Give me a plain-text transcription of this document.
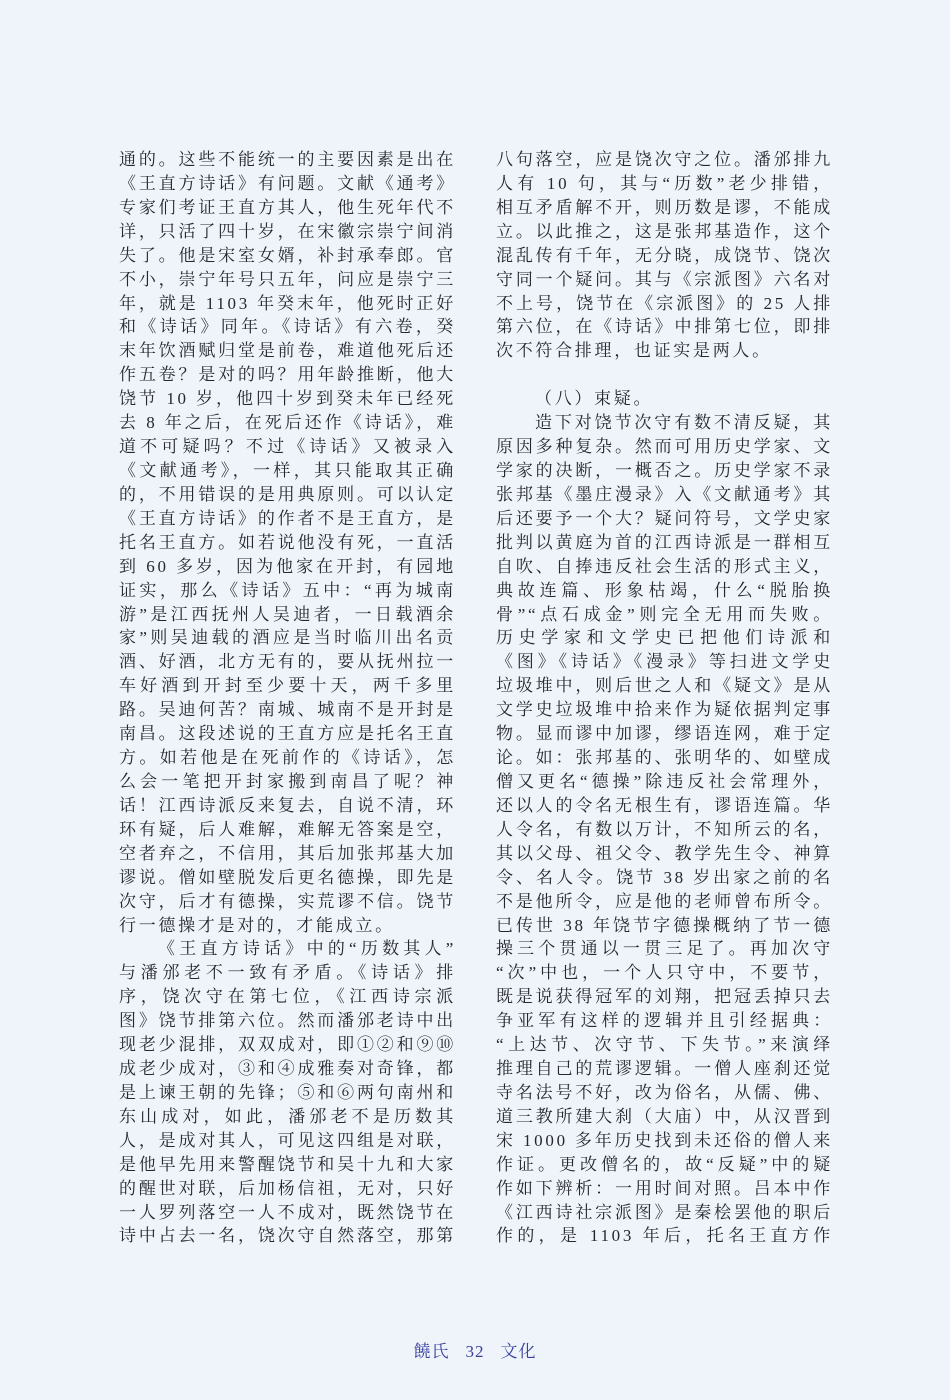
通的。这些不能统一的主要因素是出在
《王直方诗话》有问题。文献《通考》
专家们考证王直方其人，他生死年代不
详，只活了四十岁，在宋徽宗崇宁间消
失了。他是宋室女婿，补封承奉郎。官
不小，崇宁年号只五年，问应是崇宁三
年，就是 1103 年癸末年，他死时正好
和《诗话》同年。《诗话》有六卷，癸
末年饮酒赋归堂是前卷，难道他死后还
作五卷？是对的吗？用年龄推断，他大
饶节 10 岁，他四十岁到癸未年已经死
去 8 年之后，在死后还作《诗话》，难
道不可疑吗？不过《诗话》又被录入
《文献通考》，一样，其只能取其正确
的，不用错误的是用典原则。可以认定
《王直方诗话》的作者不是王直方，是
托名王直方。如若说他没有死，一直活
到 60 多岁，因为他家在开封，有园地
证实，那么《诗话》五中：“再为城南
游”是江西抚州人吴迪者，一日载酒余
家”则吴迪载的酒应是当时临川出名贡
酒、好酒，北方无有的，要从抚州拉一
车好酒到开封至少要十天，两千多里
路。吴迪何苦？南城、城南不是开封是
南昌。这段述说的王直方应是托名王直
方。如若他是在死前作的《诗话》，怎
么会一笔把开封家搬到南昌了呢？神
话！江西诗派反来复去，自说不清，环
环有疑，后人难解，难解无答案是空，
空者弃之，不信用，其后加张邦基大加
谬说。僧如壁脱发后更名德操，即先是
次守，后才有德操，实荒谬不信。饶节
行一德操才是对的，才能成立。
《王直方诗话》中的“历数其人”
与潘邠老不一致有矛盾。《诗话》排
序，饶次守在第七位，《江西诗宗派
图》饶节排第六位。然而潘邠老诗中出
现老少混排，双双成对，即①②和⑨⑩
成老少成对，③和④成雅奏对奇锋，都
是上谏王朝的先锋；⑤和⑥两句南州和
东山成对，如此，潘邠老不是历数其
人，是成对其人，可见这四组是对联，
是他早先用来警醒饶节和吴十九和大家
的醒世对联，后加杨信祖，无对，只好
一人罗列落空一人不成对，既然饶节在
诗中占去一名，饶次守自然落空，那第
八句落空，应是饶次守之位。潘邠排九
人有 10 句，其与“历数”老少排错，
相互矛盾解不开，则历数是谬，不能成
立。以此推之，这是张邦基造作，这个
混乱传有千年，无分晓，成饶节、饶次
守同一个疑问。其与《宗派图》六名对
不上号，饶节在《宗派图》的 25 人排
第六位，在《诗话》中排第七位，即排
次不符合排理，也证实是两人。
（八）束疑。
造下对饶节次守有数不清反疑，其
原因多种复杂。然而可用历史学家、文
学家的决断，一概否之。历史学家不录
张邦基《墨庄漫录》入《文献通考》其
后还要予一个大？疑问符号，文学史家
批判以黄庭为首的江西诗派是一群相互
自吹、自捧违反社会生活的形式主义，
典故连篇、形象枯竭，什么“脱胎换
骨”“点石成金”则完全无用而失败。
历史学家和文学史已把他们诗派和
《图》《诗话》《漫录》等扫进文学史
垃圾堆中，则后世之人和《疑文》是从
文学史垃圾堆中拾来作为疑依据判定事
物。显而谬中加谬，缪语连网，难于定
论。如：张邦基的、张明华的、如壁成
僧又更名“德操”除违反社会常理外，
还以人的令名无根生有，谬语连篇。华
人令名，有数以万计，不知所云的名，
其以父母、祖父令、教学先生令、神算
令、名人令。饶节 38 岁出家之前的名
不是他所令，应是他的老师曾布所令。
已传世 38 年饶节字德操概纳了节一德
操三个贯通以一贯三足了。再加次守
“次”中也，一个人只守中，不要节，
既是说获得冠军的刘翔，把冠丢掉只去
争亚军有这样的逻辑并且引经据典：
“上达节、次守节、下失节。”来演绎
推理自己的荒谬逻辑。一僧人座刹还觉
寺名法号不好，改为俗名，从儒、佛、
道三教所建大刹（大庙）中，从汉晋到
宋 1000 多年历史找到未还俗的僧人来
作证。更改僧名的，故“反疑”中的疑
作如下辨析：一用时间对照。吕本中作
《江西诗社宗派图》是秦桧罢他的职后
作的，是 1103 年后，托名王直方作
饒氏 32 文化
